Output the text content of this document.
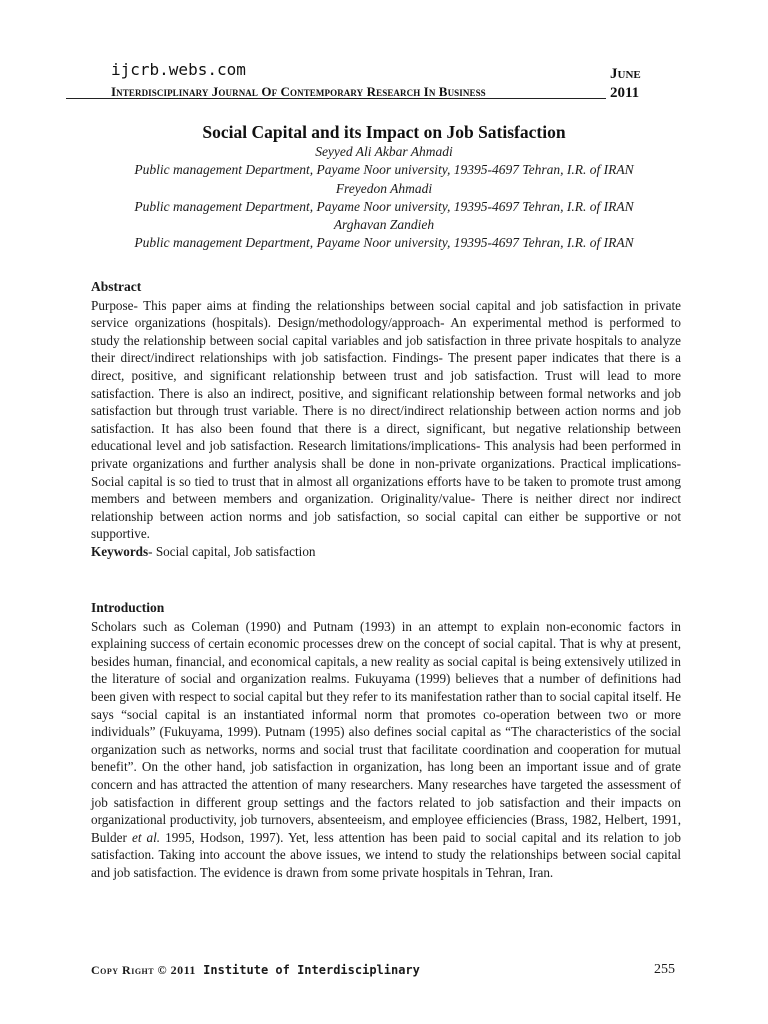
ijcrb.webs.com
Interdisciplinary Journal Of Contemporary Research In Business
June
2011
Social Capital and its Impact on Job Satisfaction
Seyyed Ali Akbar Ahmadi
Public management Department, Payame Noor university, 19395-4697 Tehran, I.R. of IRAN
Freyedon Ahmadi
Public management Department, Payame Noor university, 19395-4697 Tehran, I.R. of IRAN
Arghavan Zandieh
Public management Department, Payame Noor university, 19395-4697 Tehran, I.R. of IRAN
Abstract

Purpose- This paper aims at finding the relationships between social capital and job satisfaction in private service organizations (hospitals). Design/methodology/approach- An experimental method is performed to study the relationship between social capital variables and job satisfaction in three private hospitals to analyze their direct/indirect relationships with job satisfaction. Findings- The present paper indicates that there is a direct, positive, and significant relationship between trust and job satisfaction. Trust will lead to more satisfaction. There is also an indirect, positive, and significant relationship between formal networks and job satisfaction but through trust variable. There is no direct/indirect relationship between action norms and job satisfaction. It has also been found that there is a direct, significant, but negative relationship between educational level and job satisfaction. Research limitations/implications- This analysis had been performed in private organizations and further analysis shall be done in non-private organizations. Practical implications- Social capital is so tied to trust that in almost all organizations efforts have to be taken to promote trust among members and between members and organization. Originality/value- There is neither direct nor indirect relationship between action norms and job satisfaction, so social capital can either be supportive or not supportive.

Keywords- Social capital, Job satisfaction

Introduction

Scholars such as Coleman (1990) and Putnam (1993) in an attempt to explain non-economic factors in explaining success of certain economic processes drew on the concept of social capital. That is why at present, besides human, financial, and economical capitals, a new reality as social capital is being extensively utilized in the literature of social and organization realms. Fukuyama (1999) believes that a number of definitions had been given with respect to social capital but they refer to its manifestation rather than to social capital itself. He says “social capital is an instantiated informal norm that promotes co-operation between two or more individuals” (Fukuyama, 1999). Putnam (1995) also defines social capital as “The characteristics of the social organization such as networks, norms and social trust that facilitate coordination and cooperation for mutual benefit”. On the other hand, job satisfaction in organization, has long been an important issue and of grate concern and has attracted the attention of many researchers. Many researches have targeted the assessment of job satisfaction in different group settings and the factors related to job satisfaction and their impacts on organizational productivity, job turnovers, absenteeism, and employee efficiencies (Brass, 1982, Helbert, 1991, Bulder et al. 1995, Hodson, 1997). Yet, less attention has been paid to social capital and its relation to job satisfaction. Taking into account the above issues, we intend to study the relationships between social capital and job satisfaction. The evidence is drawn from some private hospitals in Tehran, Iran.

Copy Right © 2011 Institute of Interdisciplinary	255
